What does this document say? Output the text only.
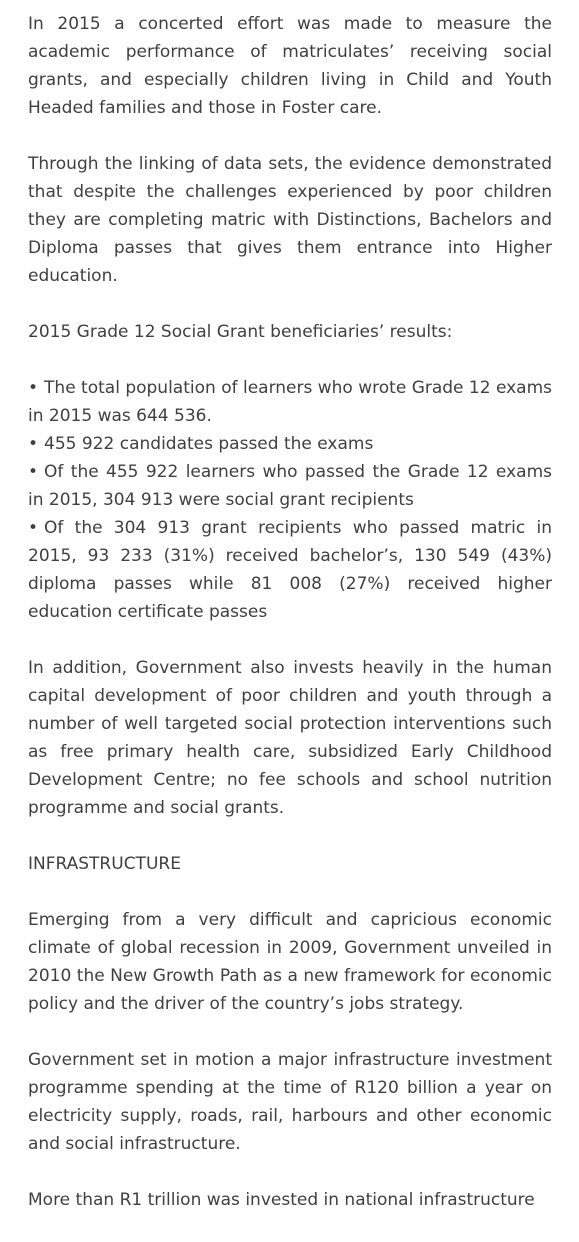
In 2015 a concerted effort was made to measure the academic performance of matriculates’ receiving social grants, and especially children living in Child and Youth Headed families and those in Foster care.

Through the linking of data sets, the evidence demonstrated that despite the challenges experienced by poor children they are completing matric with Distinctions, Bachelors and Diploma passes that gives them entrance into Higher education.

2015 Grade 12 Social Grant beneficiaries’ results:

• The total population of learners who wrote Grade 12 exams in 2015 was 644 536.
• 455 922 candidates passed the exams
• Of the 455 922 learners who passed the Grade 12 exams in 2015, 304 913 were social grant recipients
• Of the 304 913 grant recipients who passed matric in 2015, 93 233 (31%) received bachelor’s, 130 549 (43%) diploma passes while 81 008 (27%) received higher education certificate passes

In addition, Government also invests heavily in the human capital development of poor children and youth through a number of well targeted social protection interventions such as free primary health care, subsidized Early Childhood Development Centre; no fee schools and school nutrition programme and social grants.

INFRASTRUCTURE

Emerging from a very difficult and capricious economic climate of global recession in 2009, Government unveiled in 2010 the New Growth Path as a new framework for economic policy and the driver of the country’s jobs strategy.

Government set in motion a major infrastructure investment programme spending at the time of R120 billion a year on electricity supply, roads, rail, harbours and other economic and social infrastructure.

More than R1 trillion was invested in national infrastructure
